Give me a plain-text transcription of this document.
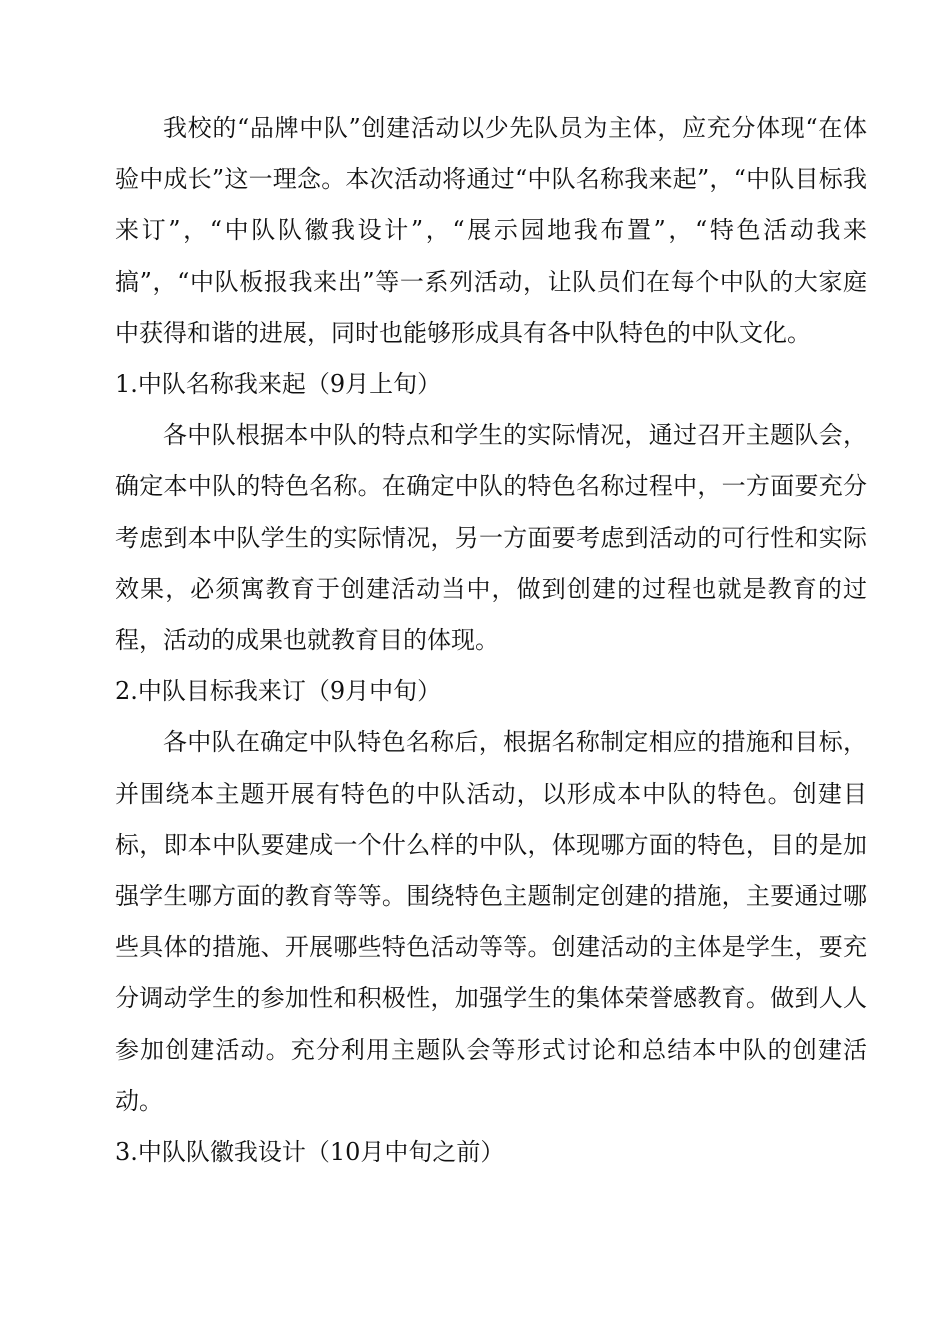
我校的“品牌中队”创建活动以少先队员为主体，应充分体现“在体验中成长”这一理念。本次活动将通过“中队名称我来起”，“中队目标我来订”，“中队队徽我设计”，“展示园地我布置”，“特色活动我来搞”，“中队板报我来出”等一系列活动，让队员们在每个中队的大家庭中获得和谐的进展，同时也能够形成具有各中队特色的中队文化。

1.中队名称我来起（9月上旬）

各中队根据本中队的特点和学生的实际情况，通过召开主题队会，确定本中队的特色名称。在确定中队的特色名称过程中，一方面要充分考虑到本中队学生的实际情况，另一方面要考虑到活动的可行性和实际效果，必须寓教育于创建活动当中，做到创建的过程也就是教育的过程，活动的成果也就教育目的体现。

2.中队目标我来订（9月中旬）

各中队在确定中队特色名称后，根据名称制定相应的措施和目标，并围绕本主题开展有特色的中队活动，以形成本中队的特色。创建目标，即本中队要建成一个什么样的中队，体现哪方面的特色，目的是加强学生哪方面的教育等等。围绕特色主题制定创建的措施，主要通过哪些具体的措施、开展哪些特色活动等等。创建活动的主体是学生，要充分调动学生的参加性和积极性，加强学生的集体荣誉感教育。做到人人参加创建活动。充分利用主题队会等形式讨论和总结本中队的创建活动。

3.中队队徽我设计（10月中旬之前）
